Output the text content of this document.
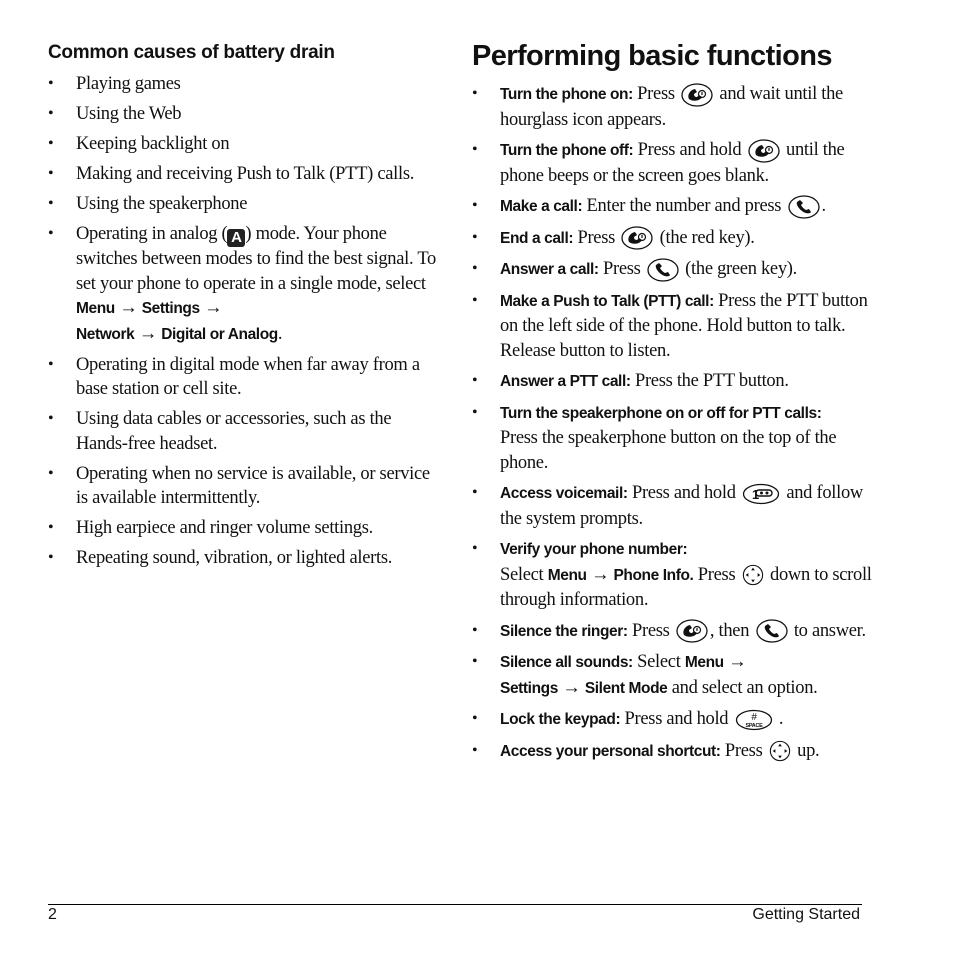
Common causes of battery drain
• Playing games
• Using the Web
• Keeping backlight on
• Making and receiving Push to Talk (PTT) calls.
• Using the speakerphone
• Operating in analog ( A ) mode. Your phone switches between modes to find the best signal. To set your phone to operate in a single mode, select Menu → Settings →
Network → Digital or Analog.
• Operating in digital mode when far away from a base station or cell site.
• Using data cables or accessories, such as the Hands-free headset.
• Operating when no service is available, or service is available intermittently.
• High earpiece and ringer volume settings.
• Repeating sound, vibration, or lighted alerts.
Performing basic functions
• Turn the phone on: Press  and wait until the hourglass icon appears.
• Turn the phone off: Press and hold  until the phone beeps or the screen goes blank.
• Make a call: Enter the number and press .
• End a call: Press  (the red key).
• Answer a call: Press  (the green key).
• Make a Push to Talk (PTT) call: Press the PTT button on the left side of the phone. Hold button to talk. Release button to listen.
• Answer a PTT call: Press the PTT button.
• Turn the speakerphone on or off for PTT calls:
Press the speakerphone button on the top of the phone.
• Access voicemail: Press and hold 1 and follow the system prompts.
• Verify your phone number:
Select Menu → Phone Info. Press  down to scroll through information.
• Silence the ringer: Press , then  to answer.
• Silence all sounds: Select Menu →
Settings → Silent Mode and select an option.
• Lock the keypad: Press and hold #
SPACE .
• Access your personal shortcut: Press  up.
2	Getting Started
